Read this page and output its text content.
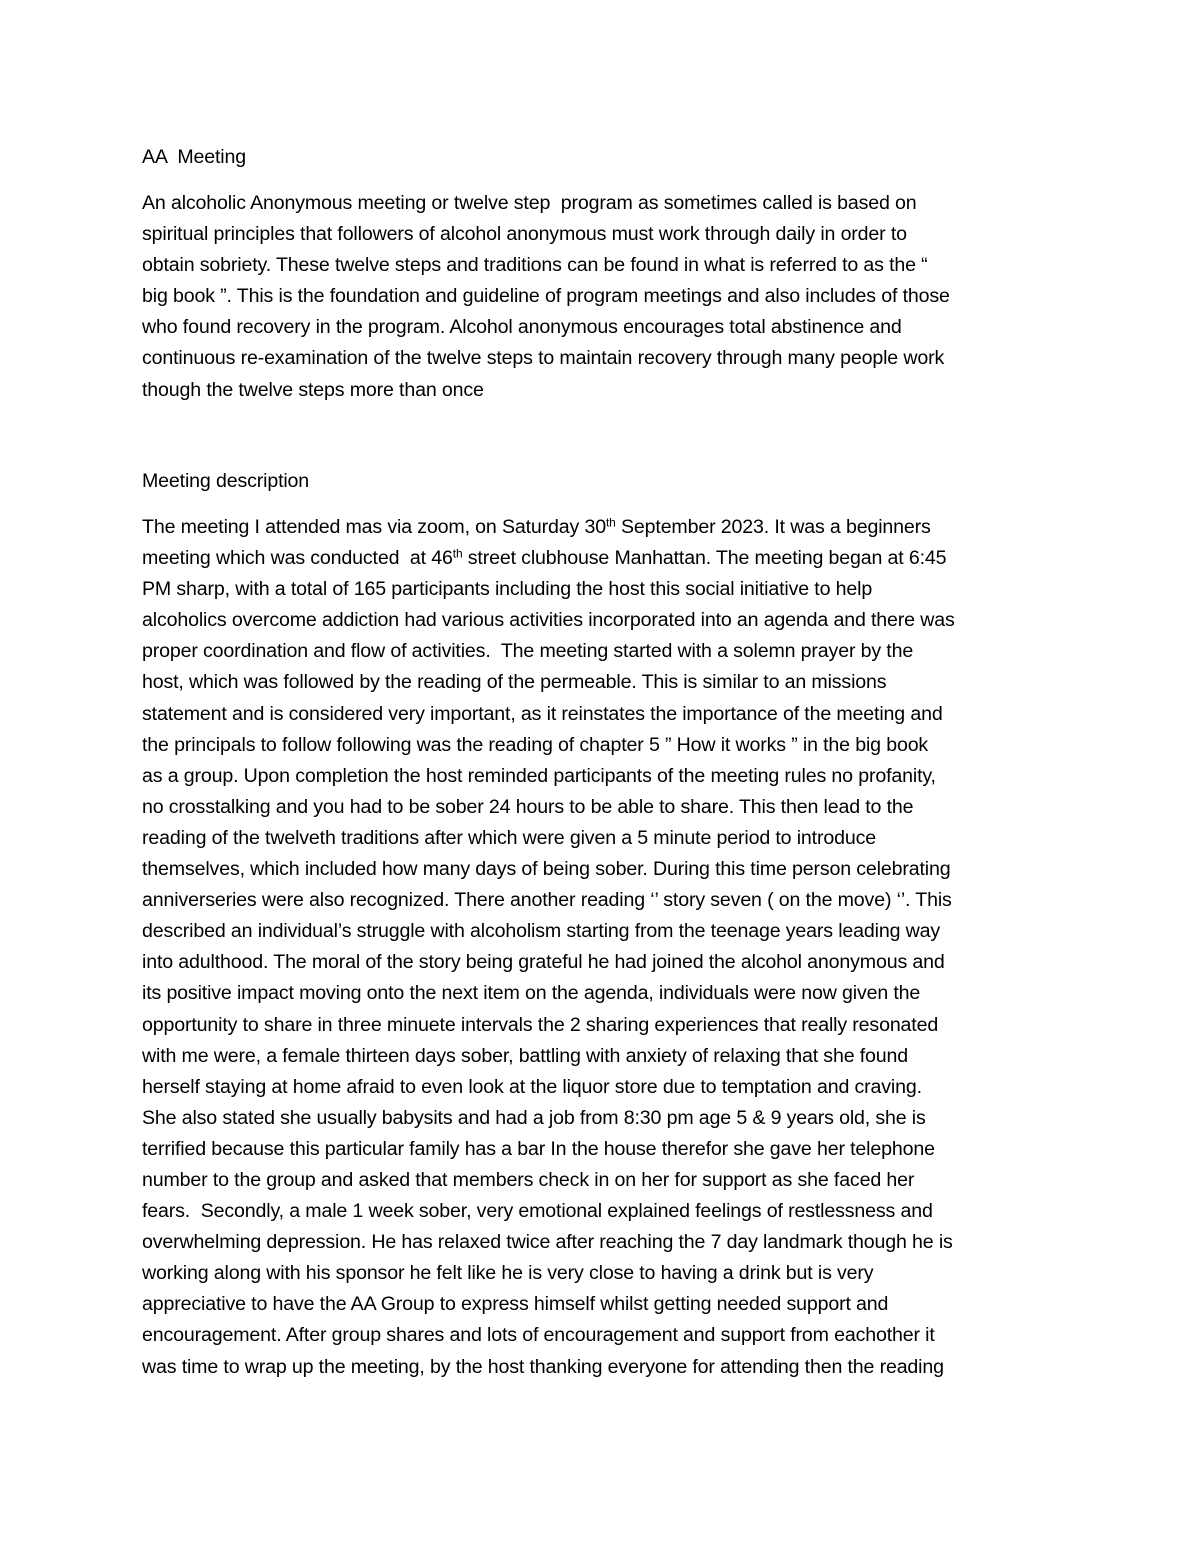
AA  Meeting
An alcoholic Anonymous meeting or twelve step  program as sometimes called is based on
spiritual principles that followers of alcohol anonymous must work through daily in order to
obtain sobriety. These twelve steps and traditions can be found in what is referred to as the “
big book ”. This is the foundation and guideline of program meetings and also includes of those
who found recovery in the program. Alcohol anonymous encourages total abstinence and
continuous re-examination of the twelve steps to maintain recovery through many people work
though the twelve steps more than once
Meeting description
The meeting I attended mas via zoom, on Saturday 30th September 2023. It was a beginners
meeting which was conducted  at 46th street clubhouse Manhattan. The meeting began at 6:45
PM sharp, with a total of 165 participants including the host this social initiative to help
alcoholics overcome addiction had various activities incorporated into an agenda and there was
proper coordination and flow of activities.  The meeting started with a solemn prayer by the
host, which was followed by the reading of the permeable. This is similar to an missions
statement and is considered very important, as it reinstates the importance of the meeting and
the principals to follow following was the reading of chapter 5 ” How it works ” in the big book
as a group. Upon completion the host reminded participants of the meeting rules no profanity,
no crosstalking and you had to be sober 24 hours to be able to share. This then lead to the
reading of the twelveth traditions after which were given a 5 minute period to introduce
themselves, which included how many days of being sober. During this time person celebrating
anniverseries were also recognized. There another reading ‘’ story seven ( on the move) ‘’. This
described an individual’s struggle with alcoholism starting from the teenage years leading way
into adulthood. The moral of the story being grateful he had joined the alcohol anonymous and
its positive impact moving onto the next item on the agenda, individuals were now given the
opportunity to share in three minuete intervals the 2 sharing experiences that really resonated
with me were, a female thirteen days sober, battling with anxiety of relaxing that she found
herself staying at home afraid to even look at the liquor store due to temptation and craving.
She also stated she usually babysits and had a job from 8:30 pm age 5 & 9 years old, she is
terrified because this particular family has a bar In the house therefor she gave her telephone
number to the group and asked that members check in on her for support as she faced her
fears.  Secondly, a male 1 week sober, very emotional explained feelings of restlessness and
overwhelming depression. He has relaxed twice after reaching the 7 day landmark though he is
working along with his sponsor he felt like he is very close to having a drink but is very
appreciative to have the AA Group to express himself whilst getting needed support and
encouragement. After group shares and lots of encouragement and support from eachother it
was time to wrap up the meeting, by the host thanking everyone for attending then the reading
